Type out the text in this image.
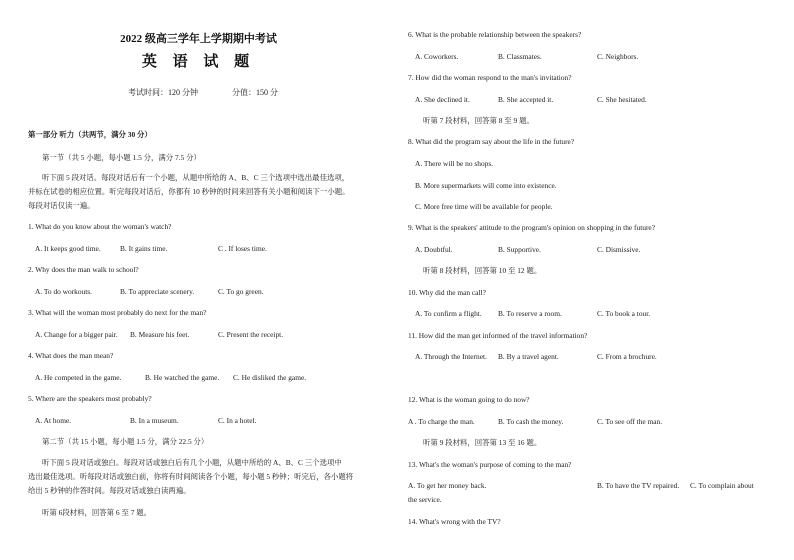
2022 级高三学年上学期期中考试
英 语 试 题
考试时间：120 分钟	分值：150 分
第一部分 听力（共两节，满分 30 分）
第一节（共 5 小题，每小题 1.5 分，满分 7.5 分）
听下面 5 段对话。每段对话后有一个小题，从题中所给的 A、B、C 三个选项中选出最佳选项，
并标在试卷的相应位置。听完每段对话后，你都有 10 秒钟的时间来回答有关小题和阅读下一小题。
每段对话仅读一遍。
1. What do you know about the woman's watch?
A. It keeps good time.	B. It gains time.	C . If loses time.
2. Why does the man walk to school?
A. To do workouts.	B. To appreciate scenery.	C. To go green.
3. What will the woman most probably do next for the man?
A. Change for a bigger pair. B. Measure his feet.	C. Present the receipt.
4. What does the man mean?
A. He competed in the game.	B. He watched the game. C. He disliked the game.
5. Where are the speakers most probably?
A. At home.	B. In a museum.	C. In a hotel.
第二节（共 15 小题，每小题 1.5 分，满分 22.5 分）
听下面 5 段对话或独白。每段对话或独白后有几个小题，从题中所给的 A、B、C 三个选项中
选出最佳选项。听每段对话或独白前，你将有时间阅读各个小题，每小题 5 秒钟；听完后，各小题将
给出 5 秒钟的作答时间。每段对话或独白读两遍。
听第 6段材料，回答第 6 至 7 题。
6. What is the probable relationship between the speakers?
A. Coworkers.	B. Classmates.	C. Neighbors.
7. How did the woman respond to the man's invitation?
A. She declined it.	B. She accepted it.	C. She hesitated.
听第 7 段材料，回答第 8 至 9 题。
8. What did the program say about the life in the future?
A. There will be no shops.
B. More supermarkets will come into existence.
C. More free time will be available for people.
9. What is the speakers' attitude to the program's opinion on shopping in the future?
A. Doubtful.	B. Supportive.	C. Dismissive.
听第 8 段材料，回答第 10 至 12 题。
10. Why did the man call?
A. To confirm a flight. B. To reserve a room.	C. To book a tour.
11. How did the man get informed of the travel information?
A. Through the Internet. B. By a travel agent.	C. From a brochure.
12. What is the woman going to do now?
A . To charge the man.	B. To cash the money.	C. To see off the man.
听第 9 段材料，回答第 13 至 16 题。
13. What's the woman's purpose of coming to the man?
A. To get her money back.	B. To have the TV repaired. C. To complain about
the service.
14. What's wrong with the TV?
